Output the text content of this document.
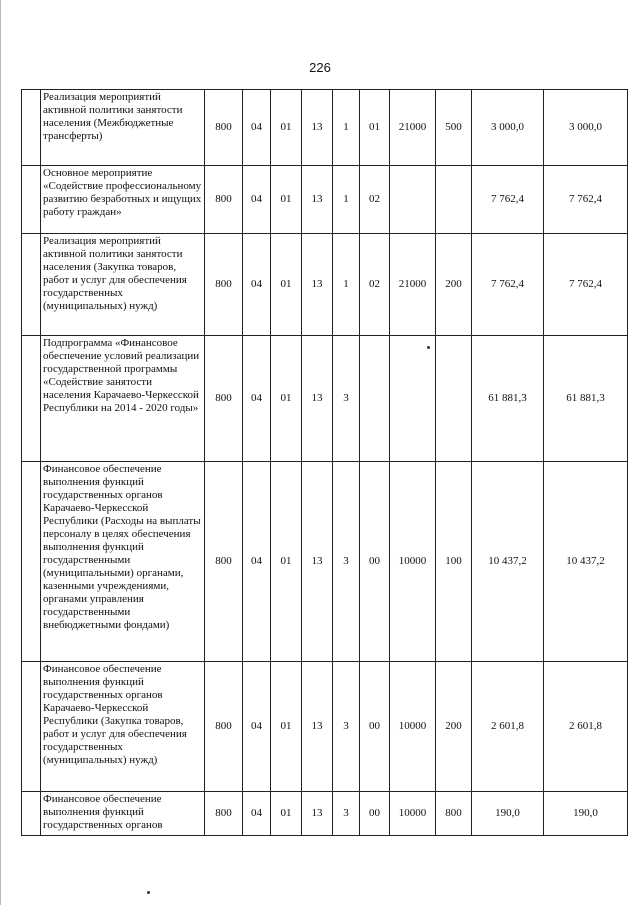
226
	Реализация мероприятий активной политики занятости населения (Межбюджетные трансферты)	800	04	01	13	1	01	21000	500	3 000,0	3 000,0
	Основное мероприятие «Содействие профессиональному развитию безработных и ищущих работу граждан»	800	04	01	13	1	02			7 762,4	7 762,4
	Реализация мероприятий активной политики занятости населения (Закупка товаров, работ и услуг для обеспечения государственных (муниципальных) нужд)	800	04	01	13	1	02	21000	200	7 762,4	7 762,4
	Подпрограмма «Финансовое обеспечение условий реализации государственной программы «Содействие занятости населения Карачаево-Черкесской Республики на 2014 - 2020 годы»	800	04	01	13	3				61 881,3	61 881,3
	Финансовое обеспечение выполнения функций государственных органов Карачаево-Черкесской Республики (Расходы на выплаты персоналу в целях обеспечения выполнения функций государственными (муниципальными) органами, казенными учреждениями, органами управления государственными внебюджетными фондами)	800	04	01	13	3	00	10000	100	10 437,2	10 437,2
	Финансовое обеспечение выполнения функций государственных органов Карачаево-Черкесской Республики (Закупка товаров, работ и услуг для обеспечения государственных (муниципальных) нужд)	800	04	01	13	3	00	10000	200	2 601,8	2 601,8
	Финансовое обеспечение выполнения функций государственных органов	800	04	01	13	3	00	10000	800	190,0	190,0
